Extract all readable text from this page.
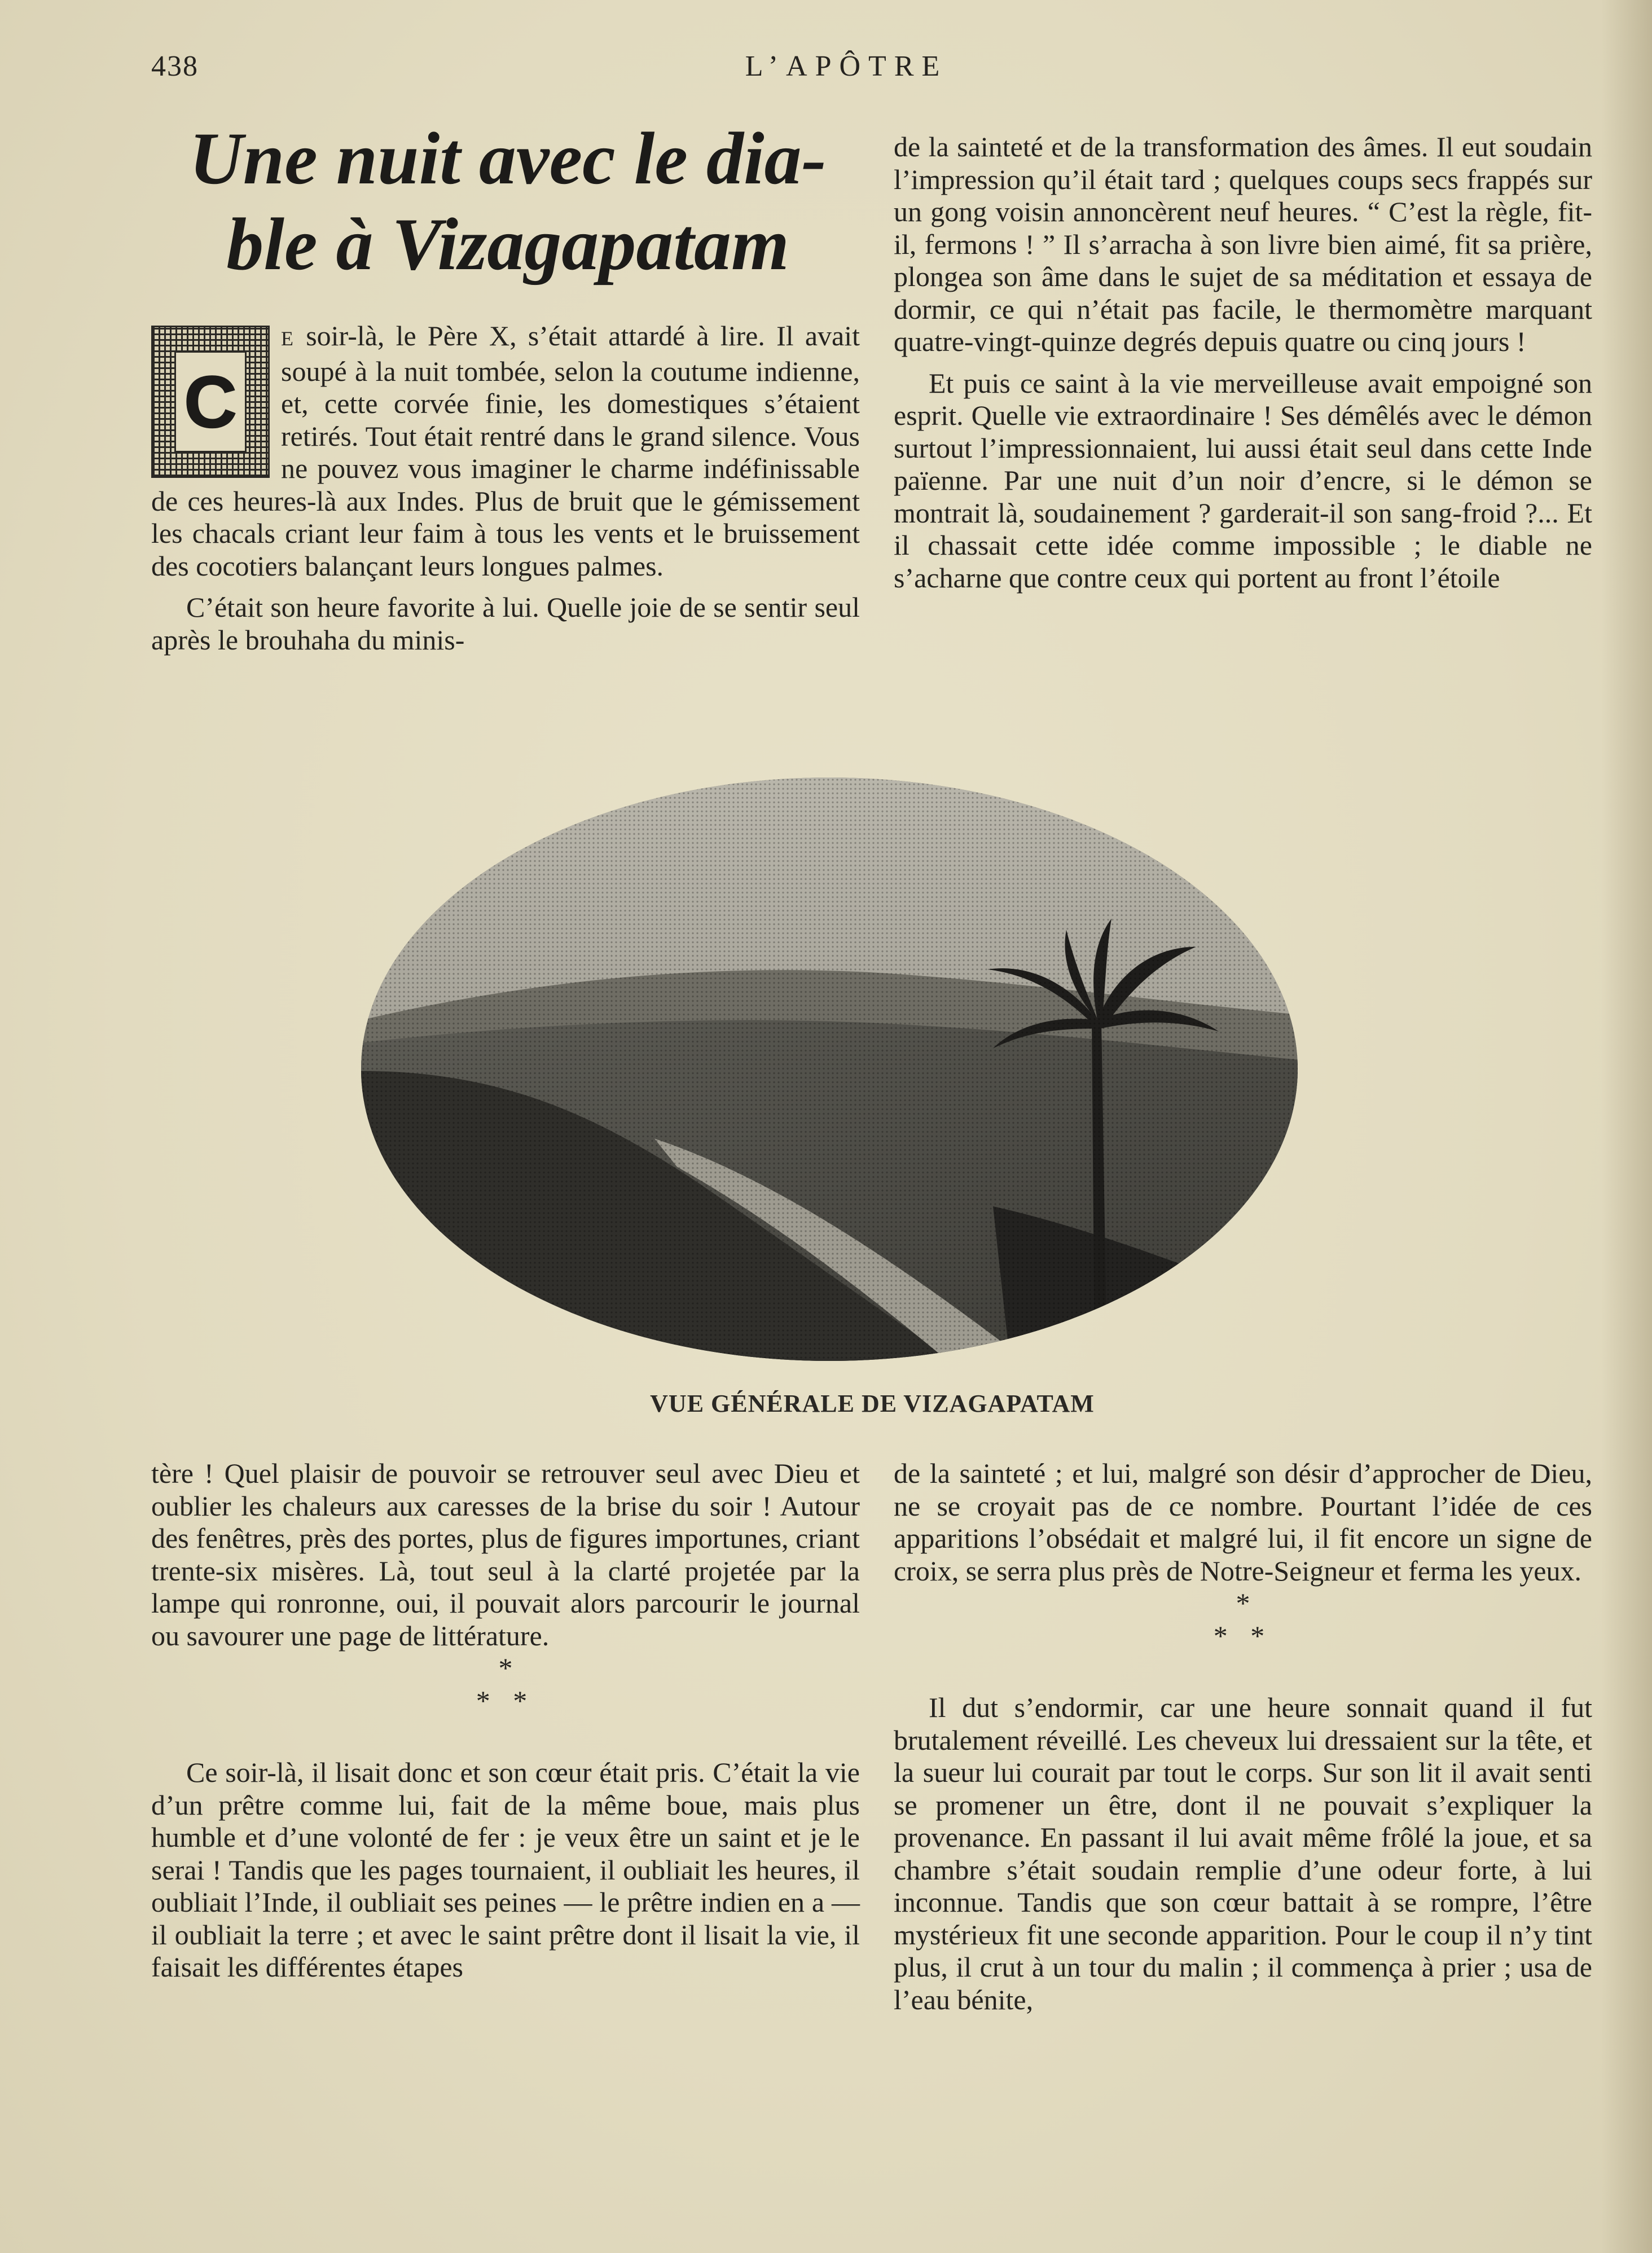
438	L’APÔTRE

Une nuit avec le dia-
ble à Vizagapatam
C

E soir-là, le Père X, s’était attardé à lire. Il avait soupé à la nuit tombée, selon la coutume indienne, et, cette corvée finie, les domestiques s’étaient retirés. Tout était rentré dans le grand silence. Vous ne pouvez vous imaginer le charme indéfinissable de ces heures-là aux Indes. Plus de bruit que le gémissement les chacals criant leur faim à tous les vents et le bruissement des cocotiers balançant leurs longues palmes.

C’était son heure favorite à lui. Quelle joie de se sentir seul après le brouhaha du minis-

de la sainteté et de la transformation des âmes. Il eut soudain l’impression qu’il était tard ; quelques coups secs frappés sur un gong voisin annoncèrent neuf heures. “ C’est la règle, fit-il, fermons ! ” Il s’arracha à son livre bien aimé, fit sa prière, plongea son âme dans le sujet de sa méditation et essaya de dormir, ce qui n’était pas facile, le thermomètre marquant quatre-vingt-quinze degrés depuis quatre ou cinq jours !

Et puis ce saint à la vie merveilleuse avait empoigné son esprit. Quelle vie extraordinaire ! Ses démêlés avec le démon surtout l’impressionnaient, lui aussi était seul dans cette Inde païenne. Par une nuit d’un noir d’encre, si le démon se montrait là, soudainement ? garderait-il son sang-froid ?... Et il chassait cette idée comme impossible ; le diable ne s’acharne que contre ceux qui portent au front l’étoile

VUE GÉNÉRALE DE VIZAGAPATAM

tère ! Quel plaisir de pouvoir se retrouver seul avec Dieu et oublier les chaleurs aux caresses de la brise du soir ! Autour des fenêtres, près des portes, plus de figures importunes, criant trente-six misères. Là, tout seul à la clarté projetée par la lampe qui ronronne, oui, il pouvait alors parcourir le journal ou savourer une page de littérature.

*

* *

Ce soir-là, il lisait donc et son cœur était pris. C’était la vie d’un prêtre comme lui, fait de la même boue, mais plus humble et d’une volonté de fer : je veux être un saint et je le serai ! Tandis que les pages tournaient, il oubliait les heures, il oubliait l’Inde, il oubliait ses peines — le prêtre indien en a — il oubliait la terre ; et avec le saint prêtre dont il lisait la vie, il faisait les différentes étapes

de la sainteté ; et lui, malgré son désir d’approcher de Dieu, ne se croyait pas de ce nombre. Pourtant l’idée de ces apparitions l’obsédait et malgré lui, il fit encore un signe de croix, se serra plus près de Notre-Seigneur et ferma les yeux.

*

* *

Il dut s’endormir, car une heure sonnait quand il fut brutalement réveillé. Les cheveux lui dressaient sur la tête, et la sueur lui courait par tout le corps. Sur son lit il avait senti se promener un être, dont il ne pouvait s’expliquer la provenance. En passant il lui avait même frôlé la joue, et sa chambre s’était soudain remplie d’une odeur forte, à lui inconnue. Tandis que son cœur battait à se rompre, l’être mystérieux fit une seconde apparition. Pour le coup il n’y tint plus, il crut à un tour du malin ; il commença à prier ; usa de l’eau bénite,
